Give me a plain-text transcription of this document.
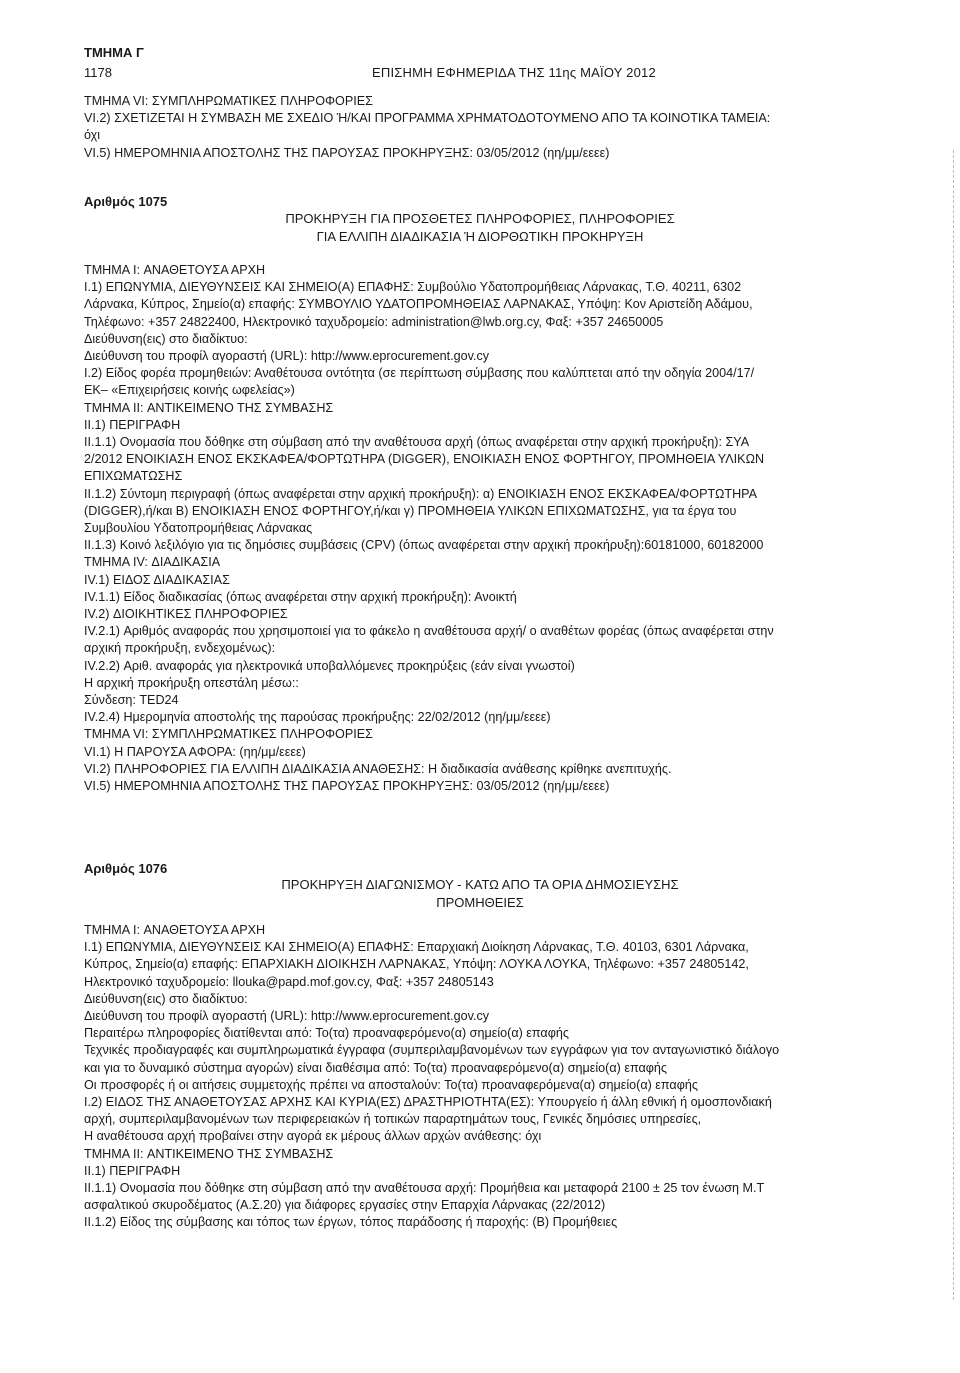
ΤΜΗΜΑ Γ
1178	ΕΠΙΣΗΜΗ ΕΦΗΜΕΡΙΔΑ ΤΗΣ 11ης ΜΑΪΟΥ 2012
ΤΜΗΜΑ VI: ΣΥΜΠΛΗΡΩΜΑΤΙΚΕΣ ΠΛΗΡΟΦΟΡΙΕΣ
VI.2) ΣΧΕΤΙΖΕΤΑΙ Η ΣΥΜΒΑΣΗ ΜΕ ΣΧΕΔΙΟ Ή/ΚΑΙ ΠΡΟΓΡΑΜΜΑ ΧΡΗΜΑΤΟΔΟΤΟΥΜΕΝΟ ΑΠΟ ΤΑ ΚΟΙΝΟΤΙΚΑ ΤΑΜΕΙΑ:
όχι
VI.5) ΗΜΕΡΟΜΗΝΙΑ ΑΠΟΣΤΟΛΗΣ ΤΗΣ ΠΑΡΟΥΣΑΣ ΠΡΟΚΗΡΥΞΗΣ: 03/05/2012 (ηη/μμ/εεεε)
Αριθμός 1075
ΠΡΟΚΗΡΥΞΗ ΓΙΑ ΠΡΟΣΘΕΤΕΣ ΠΛΗΡΟΦΟΡΙΕΣ, ΠΛΗΡΟΦΟΡΙΕΣ
ΓΙΑ ΕΛΛΙΠΗ ΔΙΑΔΙΚΑΣΙΑ Ή ΔΙΟΡΘΩΤΙΚΗ ΠΡΟΚΗΡΥΞΗ
ΤΜΗΜΑ I: ΑΝΑΘΕΤΟΥΣΑ ΑΡΧΗ
I.1) ΕΠΩΝΥΜΙΑ, ΔΙΕΥΘΥΝΣΕΙΣ ΚΑΙ ΣΗΜΕΙΟ(Α) ΕΠΑΦΗΣ: Συμβούλιο Υδατοπρομήθειας Λάρνακας, Τ.Θ. 40211, 6302
Λάρνακα, Κύπρος, Σημείο(α) επαφής: ΣΥΜΒΟΥΛΙΟ ΥΔΑΤΟΠΡΟΜΗΘΕΙΑΣ ΛΑΡΝΑΚΑΣ, Υπόψη: Κον Αριστείδη Αδάμου,
Τηλέφωνο: +357 24822400, Ηλεκτρονικό ταχυδρομείο: administration@lwb.org.cy, Φαξ: +357 24650005
Διεύθυνση(εις) στο διαδίκτυο:
Διεύθυνση του προφίλ αγοραστή (URL): http://www.eprocurement.gov.cy
I.2) Είδος φορέα προμηθειών: Αναθέτουσα οντότητα (σε περίπτωση σύμβασης που καλύπτεται από την οδηγία 2004/17/
ΕΚ– «Επιχειρήσεις κοινής ωφελείας»)
ΤΜΗΜΑ II: ΑΝΤΙΚΕΙΜΕΝΟ ΤΗΣ ΣΥΜΒΑΣΗΣ
II.1) ΠΕΡΙΓΡΑΦΗ
II.1.1) Ονομασία που δόθηκε στη σύμβαση από την αναθέτουσα αρχή (όπως αναφέρεται στην αρχική προκήρυξη): ΣΥΑ
2/2012 ΕΝΟΙΚΙΑΣΗ ΕΝΟΣ ΕΚΣΚΑΦΕΑ/ΦΟΡΤΩΤΗΡΑ (DIGGER), ΕΝΟΙΚΙΑΣΗ ΕΝΟΣ ΦΟΡΤΗΓΟΥ, ΠΡΟΜΗΘΕΙΑ ΥΛΙΚΩΝ
ΕΠΙΧΩΜΑΤΩΣΗΣ
II.1.2) Σύντομη περιγραφή (όπως αναφέρεται στην αρχική προκήρυξη): α) ΕΝΟΙΚΙΑΣΗ ΕΝΟΣ ΕΚΣΚΑΦΕΑ/ΦΟΡΤΩΤΗΡΑ
(DIGGER),ή/και Β) ΕΝΟΙΚΙΑΣΗ ΕΝΟΣ ΦΟΡΤΗΓΟΥ,ή/και γ) ΠΡΟΜΗΘΕΙΑ ΥΛΙΚΩΝ ΕΠΙΧΩΜΑΤΩΣΗΣ, για τα έργα του
Συμβουλίου Υδατοπρομήθειας Λάρνακας
II.1.3) Κοινό λεξιλόγιο για τις δημόσιες συμβάσεις (CPV) (όπως αναφέρεται στην αρχική προκήρυξη):60181000, 60182000
ΤΜΗΜΑ IV: ΔΙΑΔΙΚΑΣΙΑ
IV.1) ΕΙΔΟΣ ΔΙΑΔΙΚΑΣΙΑΣ
IV.1.1) Είδος διαδικασίας (όπως αναφέρεται στην αρχική προκήρυξη): Ανοικτή
IV.2) ΔΙΟΙΚΗΤΙΚΕΣ ΠΛΗΡΟΦΟΡΙΕΣ
IV.2.1) Αριθμός αναφοράς που χρησιμοποιεί για το φάκελο η αναθέτουσα αρχή/ ο αναθέτων φορέας (όπως αναφέρεται στην
αρχική προκήρυξη, ενδεχομένως):
IV.2.2) Αριθ. αναφοράς για ηλεκτρονικά υποβαλλόμενες προκηρύξεις (εάν είναι γνωστοί)
Η αρχική προκήρυξη οπεστάλη μέσω::
Σύνδεση: TED24
IV.2.4) Ημερομηνία αποστολής της παρούσας προκήρυξης: 22/02/2012 (ηη/μμ/εεεε)
ΤΜΗΜΑ VI: ΣΥΜΠΛΗΡΩΜΑΤΙΚΕΣ ΠΛΗΡΟΦΟΡΙΕΣ
VI.1) Η ΠΑΡΟΥΣΑ ΑΦΟΡΑ: (ηη/μμ/εεεε)
VI.2) ΠΛΗΡΟΦΟΡΙΕΣ ΓΙΑ ΕΛΛΙΠΗ ΔΙΑΔΙΚΑΣΙΑ ΑΝΑΘΕΣΗΣ: Η διαδικασία ανάθεσης κρίθηκε ανεπιτυχής.
VI.5) ΗΜΕΡΟΜΗΝΙΑ ΑΠΟΣΤΟΛΗΣ ΤΗΣ ΠΑΡΟΥΣΑΣ ΠΡΟΚΗΡΥΞΗΣ: 03/05/2012 (ηη/μμ/εεεε)
Αριθμός 1076
ΠΡΟΚΗΡΥΞΗ ΔΙΑΓΩΝΙΣΜΟΥ - ΚΑΤΩ ΑΠΟ ΤΑ ΟΡΙΑ ΔΗΜΟΣΙΕΥΣΗΣ
ΠΡΟΜΗΘΕΙΕΣ
ΤΜΗΜΑ I: ΑΝΑΘΕΤΟΥΣΑ ΑΡΧΗ
I.1) ΕΠΩΝΥΜΙΑ, ΔΙΕΥΘΥΝΣΕΙΣ ΚΑΙ ΣΗΜΕΙΟ(Α) ΕΠΑΦΗΣ: Επαρχιακή Διοίκηση Λάρνακας, Τ.Θ. 40103, 6301 Λάρνακα,
Κύπρος, Σημείο(α) επαφής: ΕΠΑΡΧΙΑΚΗ ΔΙΟΙΚΗΣΗ ΛΑΡΝΑΚΑΣ, Υπόψη: ΛΟΥΚΑ ΛΟΥΚΑ, Τηλέφωνο: +357 24805142,
Ηλεκτρονικό ταχυδρομείο: llouka@papd.mof.gov.cy, Φαξ: +357 24805143
Διεύθυνση(εις) στο διαδίκτυο:
Διεύθυνση του προφίλ αγοραστή (URL): http://www.eprocurement.gov.cy
Περαιτέρω πληροφορίες διατίθενται από: Το(τα) προαναφερόμενο(α) σημείο(α) επαφής
Τεχνικές προδιαγραφές και συμπληρωματικά έγγραφα (συμπεριλαμβανομένων των εγγράφων για τον ανταγωνιστικό διάλογο
και για το δυναμικό σύστημα αγορών) είναι διαθέσιμα από: Το(τα) προαναφερόμενο(α) σημείο(α) επαφής
Οι προσφορές ή οι αιτήσεις συμμετοχής πρέπει να αποσταλούν: Το(τα) προαναφερόμενα(α) σημείο(α) επαφής
I.2) ΕΙΔΟΣ ΤΗΣ ΑΝΑΘΕΤΟΥΣΑΣ ΑΡΧΗΣ ΚΑΙ ΚΥΡΙΑ(ΕΣ) ΔΡΑΣΤΗΡΙΟΤΗΤΑ(ΕΣ): Υπουργείο ή άλλη εθνική ή ομοσπονδιακή
αρχή, συμπεριλαμβανομένων των περιφερειακών ή τοπικών παραρτημάτων τους, Γενικές δημόσιες υπηρεσίες,
Η αναθέτουσα αρχή προβαίνει στην αγορά εκ μέρους άλλων αρχών ανάθεσης: όχι
ΤΜΗΜΑ II: ΑΝΤΙΚΕΙΜΕΝΟ ΤΗΣ ΣΥΜΒΑΣΗΣ
II.1) ΠΕΡΙΓΡΑΦΗ
II.1.1) Ονομασία που δόθηκε στη σύμβαση από την αναθέτουσα αρχή: Προμήθεια και μεταφορά 2100 ± 25 τον ένωση Μ.Τ
ασφαλτικού σκυροδέματος (Α.Σ.20) για διάφορες εργασίες στην Επαρχία Λάρνακας (22/2012)
II.1.2) Είδος της σύμβασης και τόπος των έργων, τόπος παράδοσης ή παροχής: (Β) Προμήθειες
